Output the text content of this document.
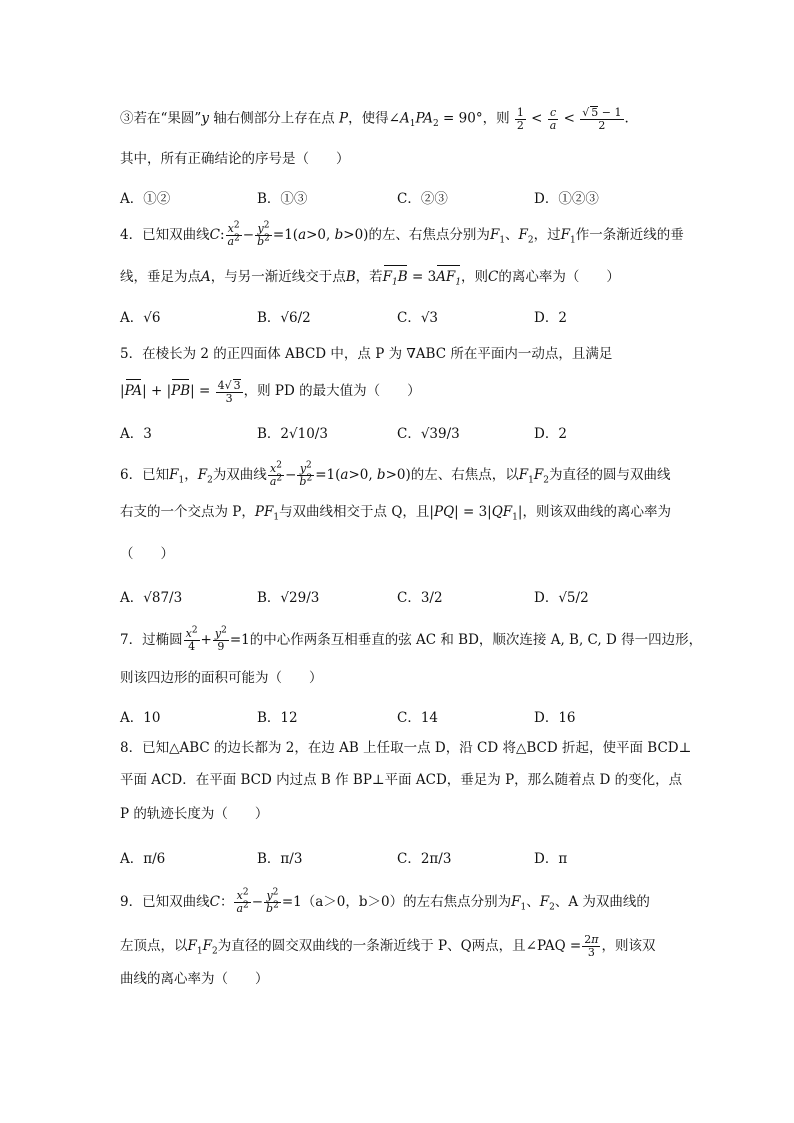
③若在“果圆”y 轴右侧部分上存在点 P，使得$\angle A_1PA_2 = 90^\circ$，则 $\frac{1}{2} < \frac{c}{a}$ < √ $\frac{5 - 1}{2}$ .
其中，所有正确结论的序号是（　　）
A．①②	B．①③	C．②③	D．①②③
4．已知双曲线C: $\frac{x^2}{a^2} - \frac{y^2}{b^2} =1(a>0$, b>0)的左、右焦点分别为$F_1$、$F_2$，过$F_1$作一条渐近线的垂
线，垂足为点A，与另一渐近线交于点B，若$F_1B = 3AF_1$，则C的离心率为（　　）
A．√6	B．√6/2	C．√3	D．2
5．在棱长为 2 的正四面体 ABCD 中，点 P 为 ∇ABC 所在平面内一动点，且满足
$|PA| + |PB| = \frac{4 √ 3}{3}$ ，则 PD 的最大值为（　　）
A．3	B．2√10/3	C．√39/3	D．2
6．已知$F_1$，$F_2$为双曲线 $\frac{x^2}{a^2} - \frac{y^2}{b^2} =1(a>0$, b>0)的左、右焦点，以$F_1F_2$为直径的圆与双曲线
右支的一个交点为 P，$PF_1$与双曲线相交于点 Q，且$|PQ| = 3|QF_1|$，则该双曲线的离心率为
（　　）
A．√87/3	B．√29/3	C．3/2	D．√5/2
7．过椭圆 $\frac{x^2}{4} + \frac{y^2}{9} =1$的中心作两条互相垂直的弦 AC 和 BD，顺次连接 A, B, C, D 得一四边形，
则该四边形的面积可能为（　　）
A．10	B．12	C．14	D．16
8．已知△ABC 的边长都为 2，在边 AB 上任取一点 D，沿 CD 将△BCD 折起，使平面 BCD⊥
平面 ACD．在平面 BCD 内过点 B 作 BP⊥平面 ACD，垂足为 P，那么随着点 D 的变化，点
P 的轨迹长度为（　　）
A．π/6	B．π/3	C．2π/3	D．π
9．已知双曲线C： $\frac{x^2}{a^2} - \frac{y^2}{b^2} =1(a>0$，b＞0）的左右焦点分别为$F_1$、$F_2$、A 为双曲线的
左顶点，以$F_1F_2$为直径的圆交双曲线的一条渐近线于 P、Q两点，且∠PAQ = $\frac{2\pi}{3}$ ，则该双
曲线的离心率为（　　）
